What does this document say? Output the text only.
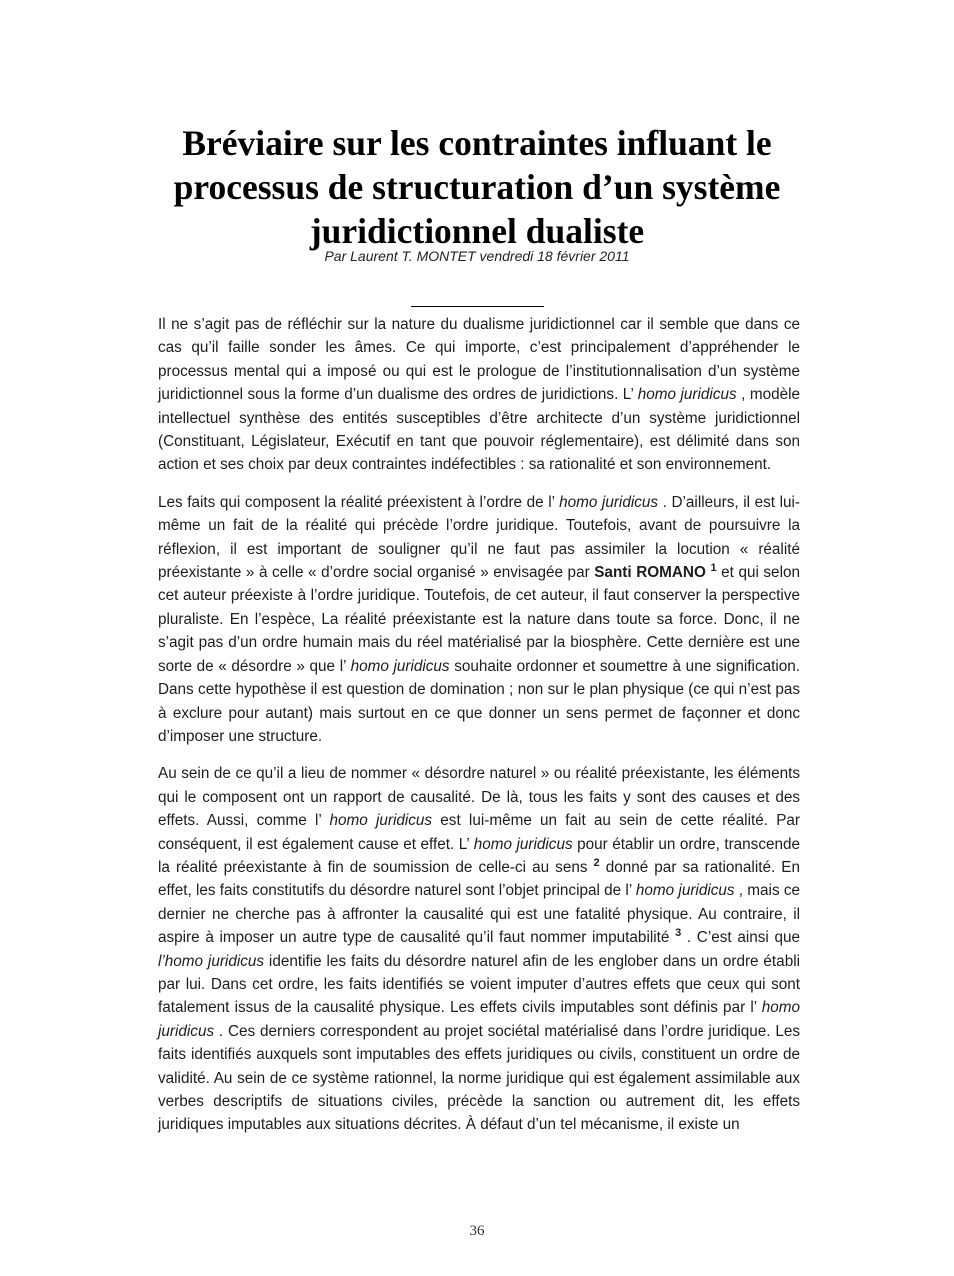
Bréviaire sur les contraintes influant le processus de structuration d’un système juridictionnel dualiste
Par Laurent T. MONTET vendredi 18 février 2011

Il ne s’agit pas de réfléchir sur la nature du dualisme juridictionnel car il semble que dans ce cas qu’il faille sonder les âmes. Ce qui importe, c’est principalement d’appréhender le processus mental qui a imposé ou qui est le prologue de l’institutionnalisation d’un système juridictionnel sous la forme d’un dualisme des ordres de juridictions. L’ homo juridicus , modèle intellectuel synthèse des entités susceptibles d’être architecte d’un système juridictionnel (Constituant, Législateur, Exécutif en tant que pouvoir réglementaire), est délimité dans son action et ses choix par deux contraintes indéfectibles : sa rationalité et son environnement.

Les faits qui composent la réalité préexistent à l’ordre de l’ homo juridicus . D’ailleurs, il est lui-même un fait de la réalité qui précède l’ordre juridique. Toutefois, avant de poursuivre la réflexion, il est important de souligner qu’il ne faut pas assimiler la locution « réalité préexistante » à celle « d’ordre social organisé » envisagée par Santi ROMANO $^1$ et qui selon cet auteur préexiste à l’ordre juridique. Toutefois, de cet auteur, il faut conserver la perspective pluraliste. En l’espèce, La réalité préexistante est la nature dans toute sa force. Donc, il ne s’agit pas d’un ordre humain mais du réel matérialisé par la biosphère. Cette dernière est une sorte de « désordre » que l’ homo juridicus souhaite ordonner et soumettre à une signification. Dans cette hypothèse il est question de domination ; non sur le plan physique (ce qui n’est pas à exclure pour autant) mais surtout en ce que donner un sens permet de façonner et donc d’imposer une structure.

Au sein de ce qu’il a lieu de nommer « désordre naturel » ou réalité préexistante, les éléments qui le composent ont un rapport de causalité. De là, tous les faits y sont des causes et des effets. Aussi, comme l’ homo juridicus est lui-même un fait au sein de cette réalité. Par conséquent, il est également cause et effet. L’ homo juridicus pour établir un ordre, transcende la réalité préexistante à fin de soumission de celle-ci au sens $^2$ donné par sa rationalité. En effet, les faits constitutifs du désordre naturel sont l’objet principal de l’ homo juridicus , mais ce dernier ne cherche pas à affronter la causalité qui est une fatalité physique. Au contraire, il aspire à imposer un autre type de causalité qu’il faut nommer imputabilité $^3$ . C’est ainsi que l’homo juridicus identifie les faits du désordre naturel afin de les englober dans un ordre établi par lui. Dans cet ordre, les faits identifiés se voient imputer d’autres effets que ceux qui sont fatalement issus de la causalité physique. Les effets civils imputables sont définis par l’ homo juridicus . Ces derniers correspondent au projet sociétal matérialisé dans l’ordre juridique. Les faits identifiés auxquels sont imputables des effets juridiques ou civils, constituent un ordre de validité. Au sein de ce système rationnel, la norme juridique qui est également assimilable aux verbes descriptifs de situations civiles, précède la sanction ou autrement dit, les effets juridiques imputables aux situations décrites. À défaut d’un tel mécanisme, il existe un

36
